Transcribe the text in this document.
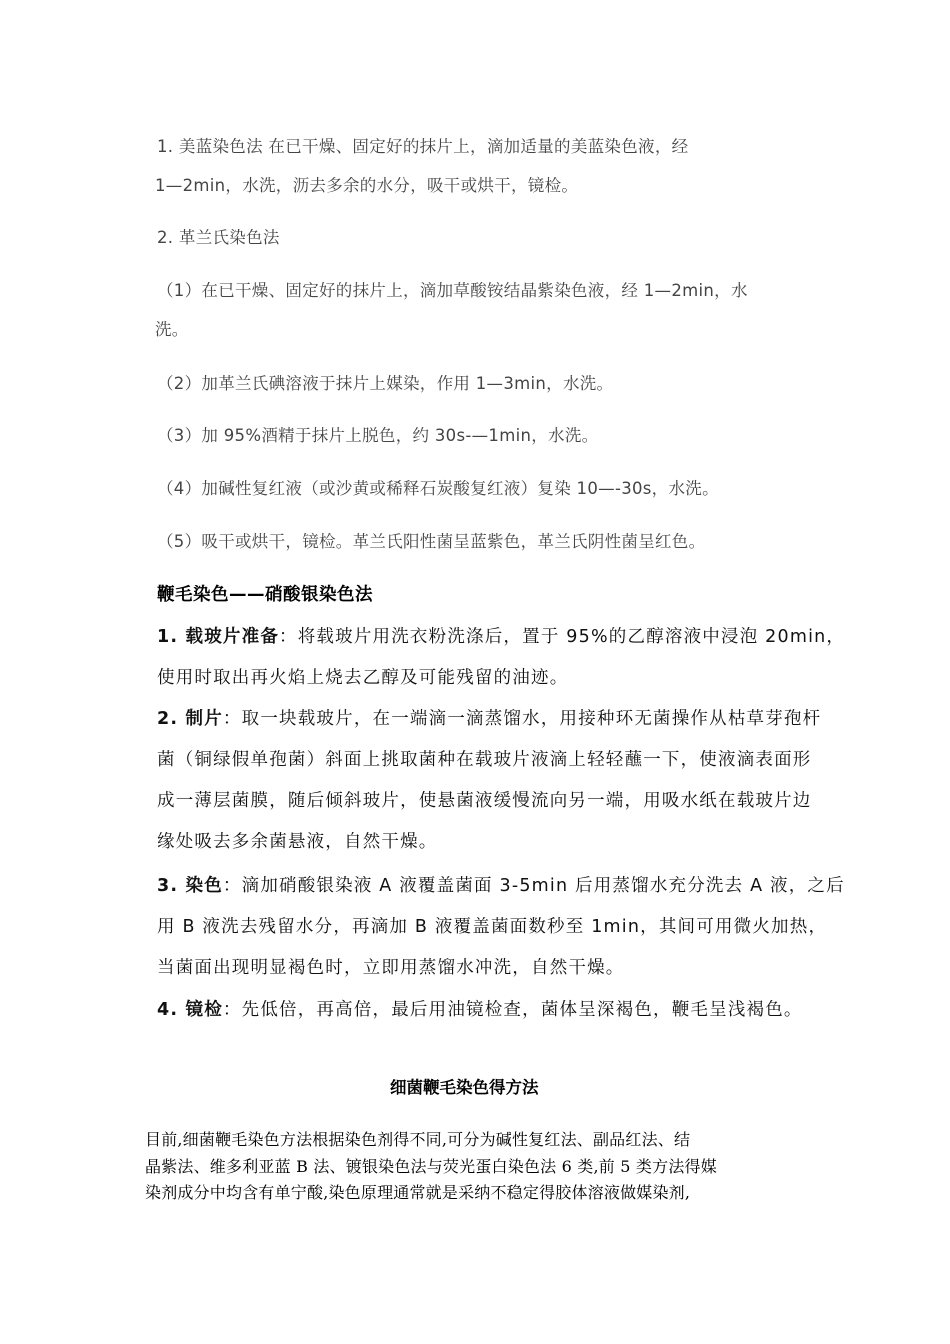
1. 美蓝染色法 在已干燥、固定好的抹片上，滴加适量的美蓝染色液，经

1—2min，水洗，沥去多余的水分，吸干或烘干，镜检。

2. 革兰氏染色法

（1）在已干燥、固定好的抹片上，滴加草酸铵结晶紫染色液，经 1—2min，水

洗。

（2）加革兰氏碘溶液于抹片上媒染，作用 1—3min，水洗。

（3）加 95%酒精于抹片上脱色，约 30s-—1min，水洗。

（4）加碱性复红液（或沙黄或稀释石炭酸复红液）复染 10—-30s，水洗。

（5）吸干或烘干，镜检。革兰氏阳性菌呈蓝紫色，革兰氏阴性菌呈红色。

鞭毛染色——硝酸银染色法

1. 载玻片准备：将载玻片用洗衣粉洗涤后，置于 95%的乙醇溶液中浸泡 20min，

使用时取出再火焰上烧去乙醇及可能残留的油迹。

2. 制片：取一块载玻片，在一端滴一滴蒸馏水，用接种环无菌操作从枯草芽孢杆

菌（铜绿假单孢菌）斜面上挑取菌种在载玻片液滴上轻轻蘸一下，使液滴表面形

成一薄层菌膜，随后倾斜玻片，使悬菌液缓慢流向另一端，用吸水纸在载玻片边

缘处吸去多余菌悬液，自然干燥。

3. 染色：滴加硝酸银染液 A 液覆盖菌面 3-5min 后用蒸馏水充分洗去 A 液，之后

用 B 液洗去残留水分，再滴加 B 液覆盖菌面数秒至 1min，其间可用微火加热，

当菌面出现明显褐色时，立即用蒸馏水冲洗，自然干燥。

4. 镜检：先低倍，再高倍，最后用油镜检查，菌体呈深褐色，鞭毛呈浅褐色。

细菌鞭毛染色得方法

目前,细菌鞭毛染色方法根据染色剂得不同,可分为碱性复红法、副品红法、结

晶紫法、维多利亚蓝 B 法、镀银染色法与荧光蛋白染色法 6 类,前 5 类方法得媒

染剂成分中均含有单宁酸,染色原理通常就是采纳不稳定得胶体溶液做媒染剂,
